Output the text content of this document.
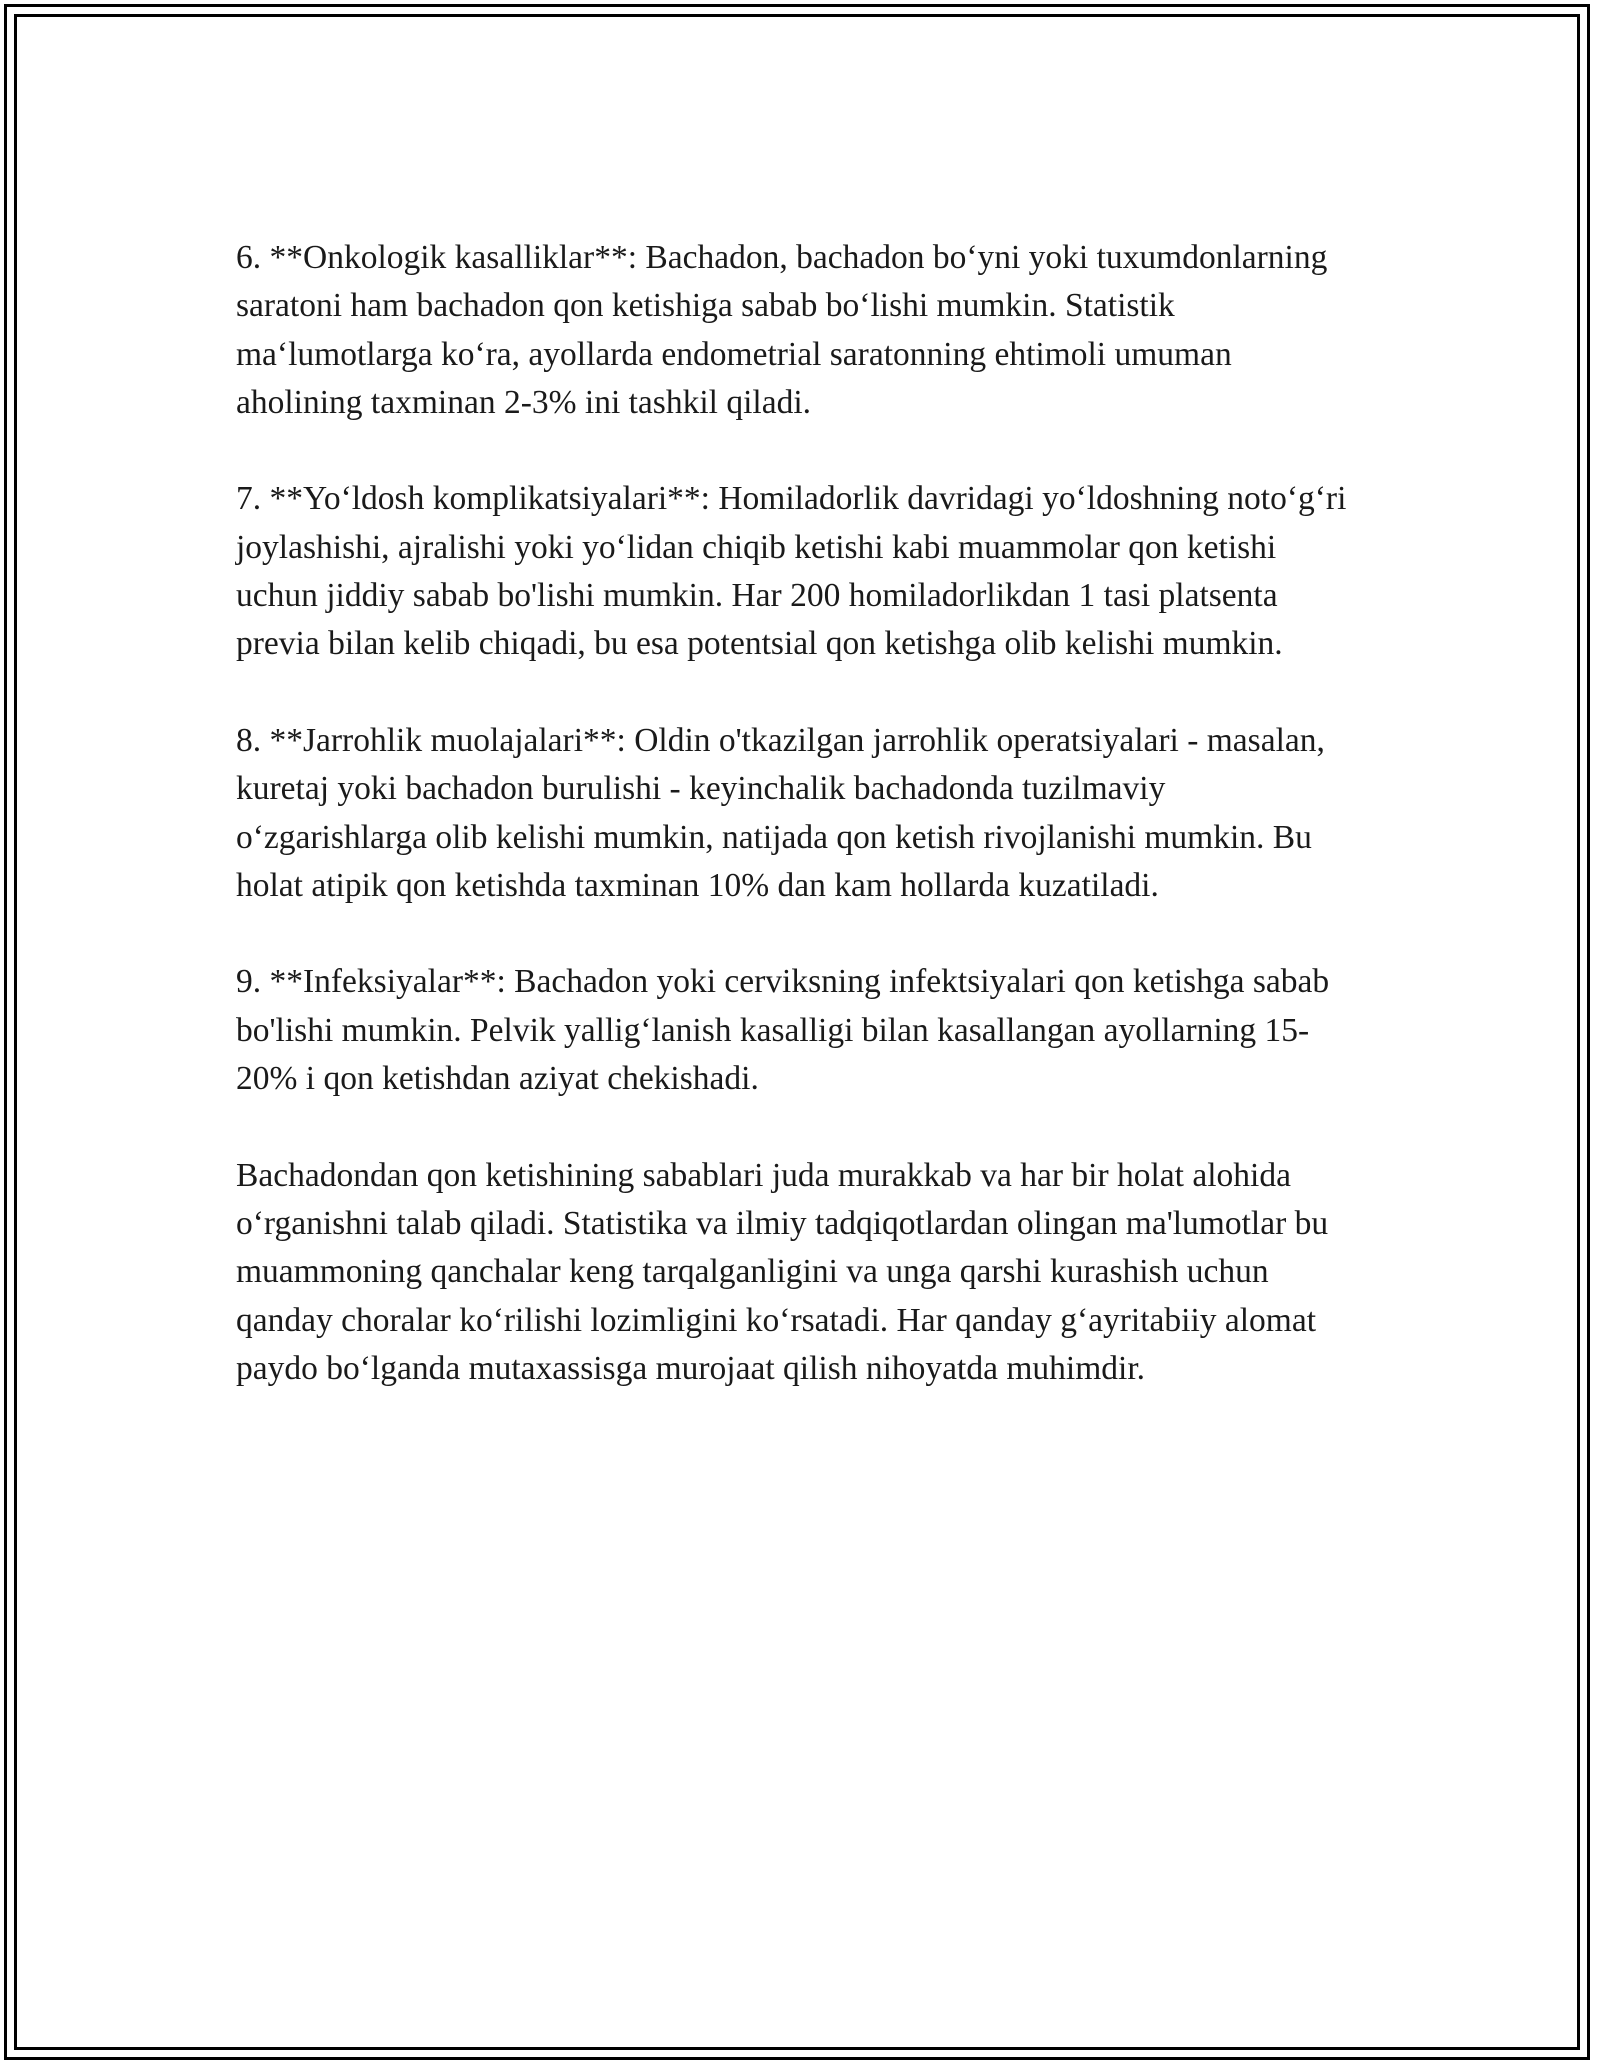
6. **Onkologik kasalliklar**: Bachadon, bachadon bo‘yni yoki tuxumdonlarning saratoni ham bachadon qon ketishiga sabab bo‘lishi mumkin. Statistik ma‘lumotlarga ko‘ra, ayollarda endometrial saratonning ehtimoli umuman aholining taxminan 2-3% ini tashkil qiladi.

7. **Yo‘ldosh komplikatsiyalari**: Homiladorlik davridagi yo‘ldoshning noto‘g‘ri joylashishi, ajralishi yoki yo‘lidan chiqib ketishi kabi muammolar qon ketishi uchun jiddiy sabab bo'lishi mumkin. Har 200 homiladorlikdan 1 tasi platsenta previa bilan kelib chiqadi, bu esa potentsial qon ketishga olib kelishi mumkin.

8. **Jarrohlik muolajalari**: Oldin o'tkazilgan jarrohlik operatsiyalari - masalan, kuretaj yoki bachadon burulishi - keyinchalik bachadonda tuzilmaviy o‘zgarishlarga olib kelishi mumkin, natijada qon ketish rivojlanishi mumkin. Bu holat atipik qon ketishda taxminan 10% dan kam hollarda kuzatiladi.

9. **Infeksiyalar**: Bachadon yoki cerviksning infektsiyalari qon ketishga sabab bo'lishi mumkin. Pelvik yallig‘lanish kasalligi bilan kasallangan ayollarning 15-20% i qon ketishdan aziyat chekishadi.

Bachadondan qon ketishining sabablari juda murakkab va har bir holat alohida o‘rganishni talab qiladi. Statistika va ilmiy tadqiqotlardan olingan ma'lumotlar bu muammoning qanchalar keng tarqalganligini va unga qarshi kurashish uchun qanday choralar ko‘rilishi lozimligini ko‘rsatadi. Har qanday g‘ayritabiiy alomat paydo bo‘lganda mutaxassisga murojaat qilish nihoyatda muhimdir.
